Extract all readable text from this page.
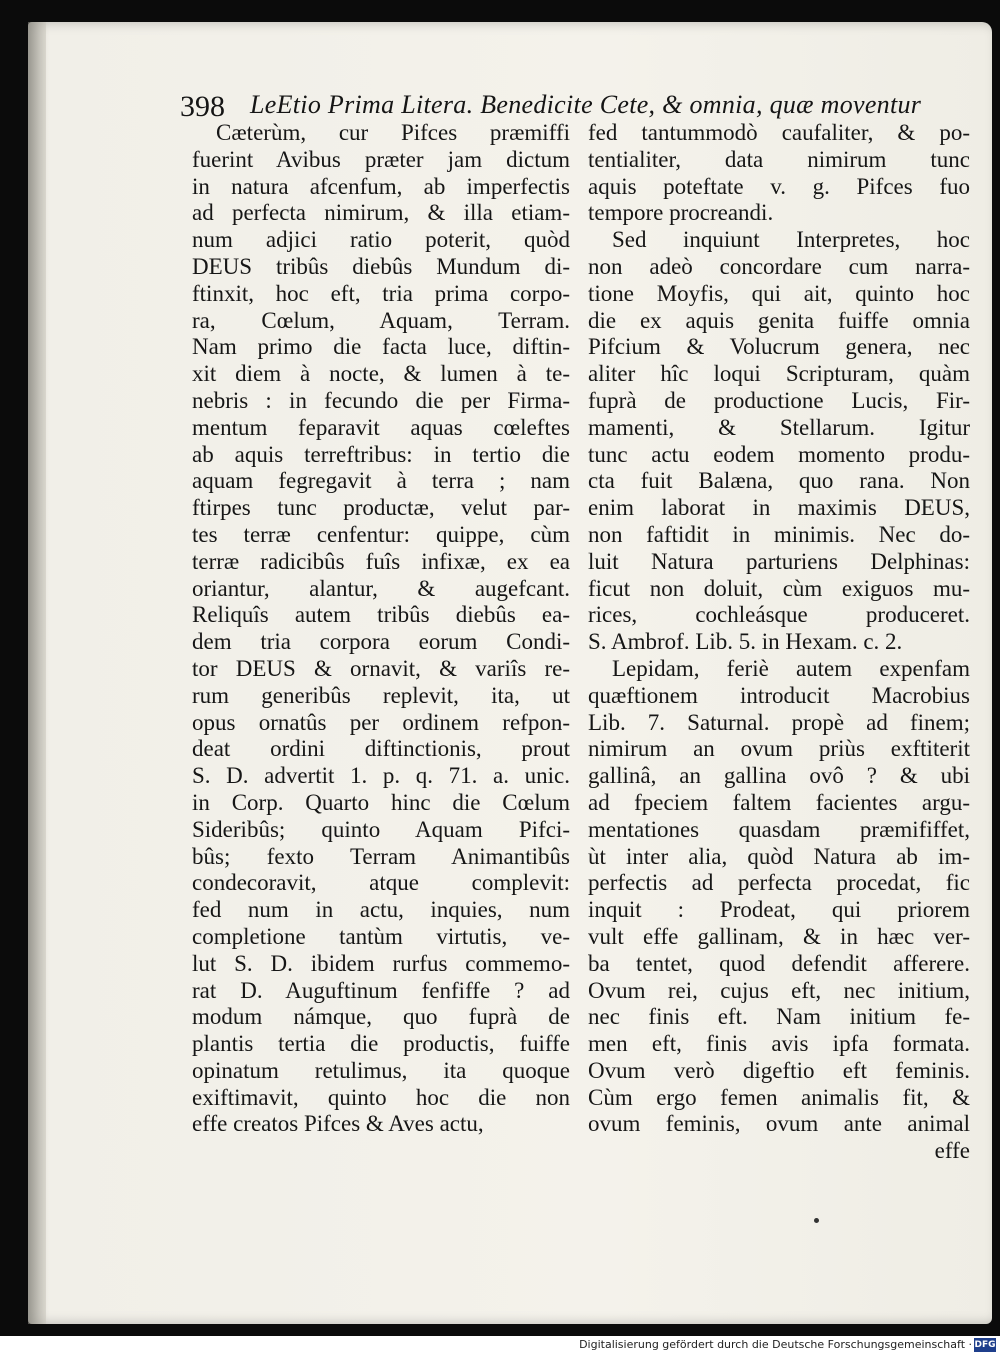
398 LeEtio Prima Litera. Benedicite Cete, & omnia, quæ moventur
Cæterùm, cur Pifces præmiffi
fuerint Avibus præter jam dictum
in natura afcenfum, ab imperfectis
ad perfecta nimirum, & illa etiam-
num adjici ratio poterit, quòd
DEUS tribûs diebûs Mundum di-
ftinxit, hoc eft, tria prima corpo-
ra, Cœlum, Aquam, Terram.
Nam primo die facta luce, diftin-
xit diem à nocte, & lumen à te-
nebris : in fecundo die per Firma-
mentum feparavit aquas cœleftes
ab aquis terreftribus: in tertio die
aquam fegregavit à terra ; nam
ftirpes tunc productæ, velut par-
tes terræ cenfentur: quippe, cùm
terræ radicibûs fuîs infixæ, ex ea
oriantur, alantur, & augefcant.
Reliquîs autem tribûs diebûs ea-
dem tria corpora eorum Condi-
tor DEUS & ornavit, & variîs re-
rum generibûs replevit, ita, ut
opus ornatûs per ordinem refpon-
deat ordini diftinctionis, prout
S. D. advertit 1. p. q. 71. a. unic.
in Corp. Quarto hinc die Cœlum
Sideribûs; quinto Aquam Pifci-
bûs; fexto Terram Animantibûs
condecoravit, atque complevit:
fed num in actu, inquies, num
completione tantùm virtutis, ve-
lut S. D. ibidem rurfus commemo-
rat D. Auguftinum fenfiffe ? ad
modum námque, quo fuprà de
plantis tertia die productis, fuiffe
opinatum retulimus, ita quoque
exiftimavit, quinto hoc die non
effe creatos Pifces & Aves actu,
fed tantummodò caufaliter, & po-
tentialiter, data nimirum tunc
aquis poteftate v. g. Pifces fuo
tempore procreandi.
Sed inquiunt Interpretes, hoc
non adeò concordare cum narra-
tione Moyfis, qui ait, quinto hoc
die ex aquis genita fuiffe omnia
Pifcium & Volucrum genera, nec
aliter hîc loqui Scripturam, quàm
fuprà de productione Lucis, Fir-
mamenti, & Stellarum. Igitur
tunc actu eodem momento produ-
cta fuit Balæna, quo rana. Non
enim laborat in maximis DEUS,
non faftidit in minimis. Nec do-
luit Natura parturiens Delphinas:
ficut non doluit, cùm exiguos mu-
rices, cochleásque produceret.
S. Ambrof. Lib. 5. in Hexam. c. 2.
Lepidam, feriè autem expenfam
quæftionem introducit Macrobius
Lib. 7. Saturnal. propè ad finem;
nimirum an ovum priùs exftiterit
gallinâ, an gallina ovô ? & ubi
ad fpeciem faltem facientes argu-
mentationes quasdam præmififfet,
ùt inter alia, quòd Natura ab im-
perfectis ad perfecta procedat, fic
inquit : Prodeat, qui priorem
vult effe gallinam, & in hæc ver-
ba tentet, quod defendit afferere.
Ovum rei, cujus eft, nec initium,
nec finis eft. Nam initium fe-
men eft, finis avis ipfa formata.
Ovum verò digeftio eft feminis.
Cùm ergo femen animalis fit, &
ovum feminis, ovum ante animal
effe
Digitalisierung gefördert durch die Deutsche Forschungsgemeinschaft · DFG
